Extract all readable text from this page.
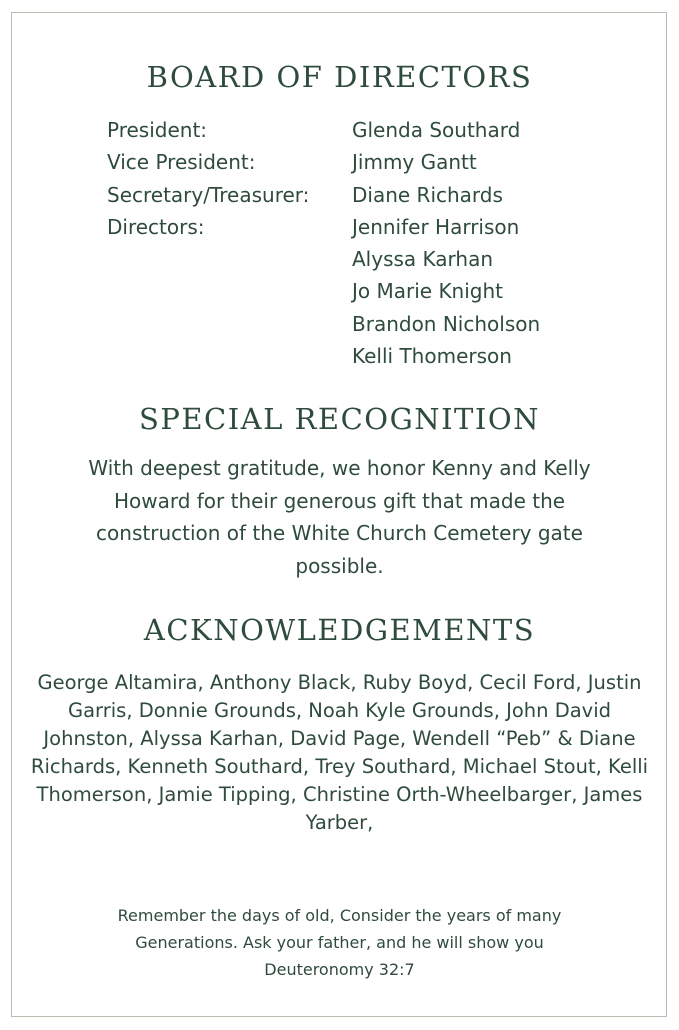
BOARD OF DIRECTORS
President:	Glenda Southard
Vice President:	Jimmy Gantt
Secretary/Treasurer:	Diane Richards
Directors:	Jennifer Harrison
Alyssa Karhan
Jo Marie Knight
Brandon Nicholson
Kelli Thomerson
SPECIAL RECOGNITION

With deepest gratitude, we honor Kenny and Kelly Howard for their generous gift that made the construction of the White Church Cemetery gate possible.

ACKNOWLEDGEMENTS

George Altamira, Anthony Black, Ruby Boyd, Cecil Ford, Justin Garris, Donnie Grounds, Noah Kyle Grounds, John David Johnston, Alyssa Karhan, David Page, Wendell “Peb” & Diane Richards, Kenneth Southard, Trey Southard, Michael Stout, Kelli Thomerson, Jamie Tipping, Christine Orth-Wheelbarger, James Yarber,

Remember the days of old, Consider the years of many
Generations. Ask your father, and he will show you
Deuteronomy 32:7
